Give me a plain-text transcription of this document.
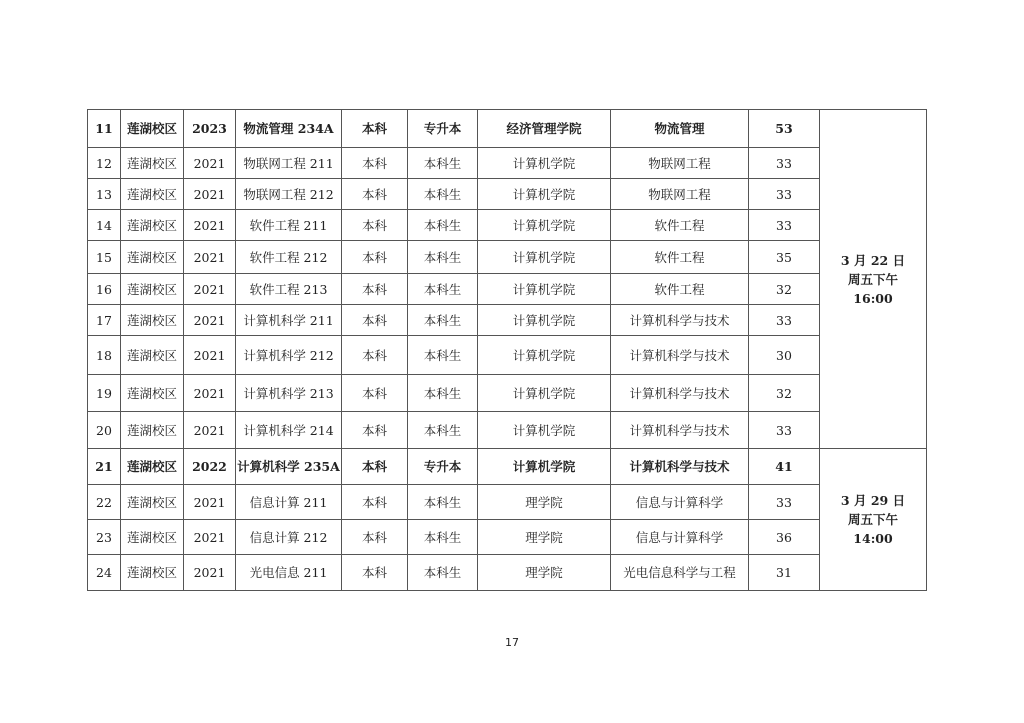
11	莲湖校区	2023	物流管理 234A	本科	专升本	经济管理学院	物流管理	53	3 月 22 日
周五下午
16:00

12	莲湖校区	2021	物联网工程 211	本科	本科生	计算机学院	物联网工程	33	
13	莲湖校区	2021	物联网工程 212	本科	本科生	计算机学院	物联网工程	33	
14	莲湖校区	2021	软件工程 211	本科	本科生	计算机学院	软件工程	33	
15	莲湖校区	2021	软件工程 212	本科	本科生	计算机学院	软件工程	35	
16	莲湖校区	2021	软件工程 213	本科	本科生	计算机学院	软件工程	32	
17	莲湖校区	2021	计算机科学 211	本科	本科生	计算机学院	计算机科学与技术	33	
18	莲湖校区	2021	计算机科学 212	本科	本科生	计算机学院	计算机科学与技术	30	
19	莲湖校区	2021	计算机科学 213	本科	本科生	计算机学院	计算机科学与技术	32	
20	莲湖校区	2021	计算机科学 214	本科	本科生	计算机学院	计算机科学与技术	33	
21	莲湖校区	2022	计算机科学 235A	本科	专升本	计算机学院	计算机科学与技术	41	3 月 29 日
周五下午
14:00

22	莲湖校区	2021	信息计算 211	本科	本科生	理学院	信息与计算科学	33	
23	莲湖校区	2021	信息计算 212	本科	本科生	理学院	信息与计算科学	36	
24	莲湖校区	2021	光电信息 211	本科	本科生	理学院	光电信息科学与工程	31	
17
